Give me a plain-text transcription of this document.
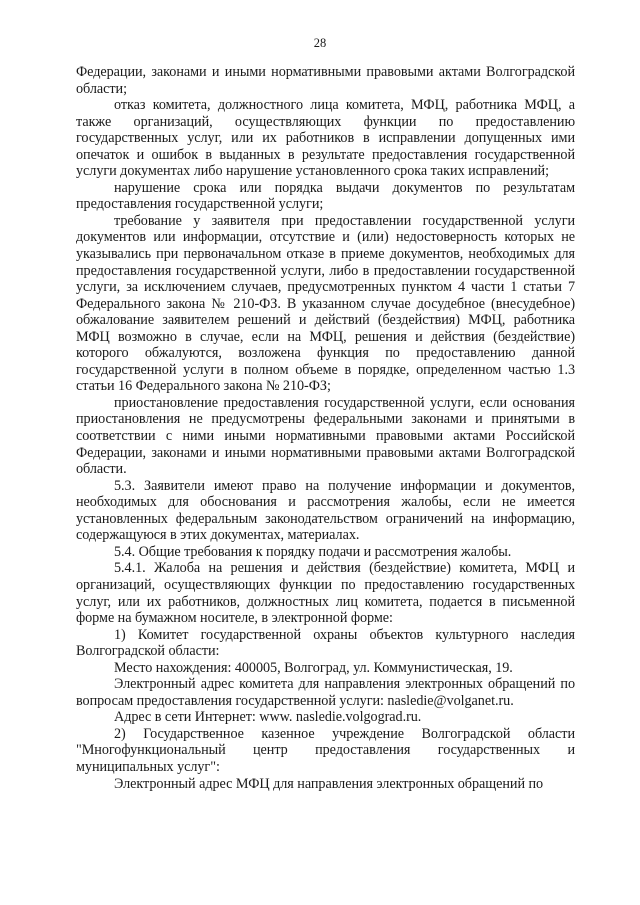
28

Федерации, законами и иными нормативными правовыми актами Волгоградской области;

отказ комитета, должностного лица комитета, МФЦ, работника МФЦ, а также организаций, осуществляющих функции по предоставлению государственных услуг, или их работников в исправлении допущенных ими опечаток и ошибок в выданных в результате предоставления государственной услуги документах либо нарушение установленного срока таких исправлений;

нарушение срока или порядка выдачи документов по результатам предоставления государственной услуги;

требование у заявителя при предоставлении государственной услуги документов или информации, отсутствие и (или) недостоверность которых не указывались при первоначальном отказе в приеме документов, необходимых для предоставления государственной услуги, либо в предоставлении государственной услуги, за исключением случаев, предусмотренных пунктом 4 части 1 статьи 7 Федерального закона № 210-ФЗ. В указанном случае досудебное (внесудебное) обжалование заявителем решений и действий (бездействия) МФЦ, работника МФЦ возможно в случае, если на МФЦ, решения и действия (бездействие) которого обжалуются, возложена функция по предоставлению данной государственной услуги в полном объеме в порядке, определенном частью 1.3 статьи 16 Федерального закона № 210-ФЗ;

приостановление предоставления государственной услуги, если основания приостановления не предусмотрены федеральными законами и принятыми в соответствии с ними иными нормативными правовыми актами Российской Федерации, законами и иными нормативными правовыми актами Волгоградской области.

5.3. Заявители имеют право на получение информации и документов, необходимых для обоснования и рассмотрения жалобы, если не имеется установленных федеральным законодательством ограничений на информацию, содержащуюся в этих документах, материалах.

5.4. Общие требования к порядку подачи и рассмотрения жалобы.

5.4.1. Жалоба на решения и действия (бездействие) комитета, МФЦ и организаций, осуществляющих функции по предоставлению государственных услуг, или их работников, должностных лиц комитета, подается в письменной форме на бумажном носителе, в электронной форме:

1) Комитет государственной охраны объектов культурного наследия Волгоградской области:

Место нахождения: 400005, Волгоград, ул. Коммунистическая, 19.

Электронный адрес комитета для направления электронных обращений по вопросам предоставления государственной услуги: nasledie@volganet.ru.

Адрес в сети Интернет: www. nasledie.volgograd.ru.

2) Государственное казенное учреждение Волгоградской области "Многофункциональный центр предоставления государственных и муниципальных услуг":

Электронный адрес МФЦ для направления электронных обращений по
